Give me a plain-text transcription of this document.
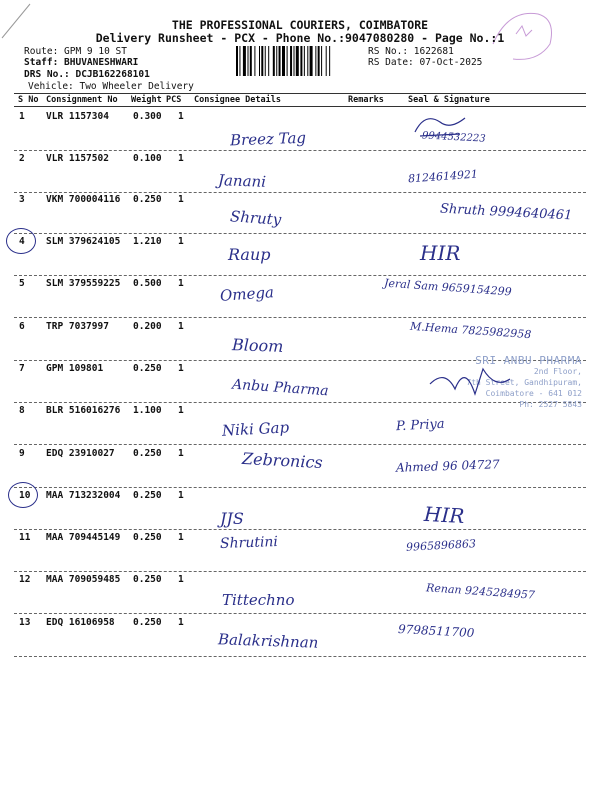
THE PROFESSIONAL COURIERS, COIMBATORE
Delivery Runsheet - PCX - Phone No.:9047080280 - Page No.:1
Route: GPM 9 10 ST
Staff: BHUVANESHWARI
DRS No.: DCJB162268101
Vehicle: Two Wheeler Delivery
RS No.: 1622681
RS Date: 07-Oct-2025
S No Consignment No Weight PCS Consignee Details	Remarks	Seal & Signature
1 VLR 1157304	0.300 1
Breez Tag	9944532223
2 VLR 1157502	0.100 1
Janani	8124614921
3 VKM 700004116 0.250 1
Shruty	Shruth 9994640461
4 SLM 379624105 1.210 1
Raup	HIR
5 SLM 379559225 0.500 1 Omega	Jeral Sam 9659154299
6 TRP 7037997	0.200 1
Bloom
M.Hema 7825982958
7 GPM 109801	0.250 1
Anbu Pharma
8 BLR 516016276 1.100 1
Niki Gap	P. Priya
9 EDQ 23910027 0.250 1	Zebronics	Ahmed 96 04727
10 MAA 713232004 0.250 1
JJS	HIR
11 MAA 709445149 0.250 1	Shrutini	9965896863
12 MAA 709059485 0.250 1
Tittechno	Renan 9245284957
13 EDQ 16106958 0.250 1
Balakrishnan	9798511700
SRI ANBU PHARMA
2nd Floor,
7th Street, Gandhipuram,
Coimbatore - 641 012
Ph: 2527 5843
